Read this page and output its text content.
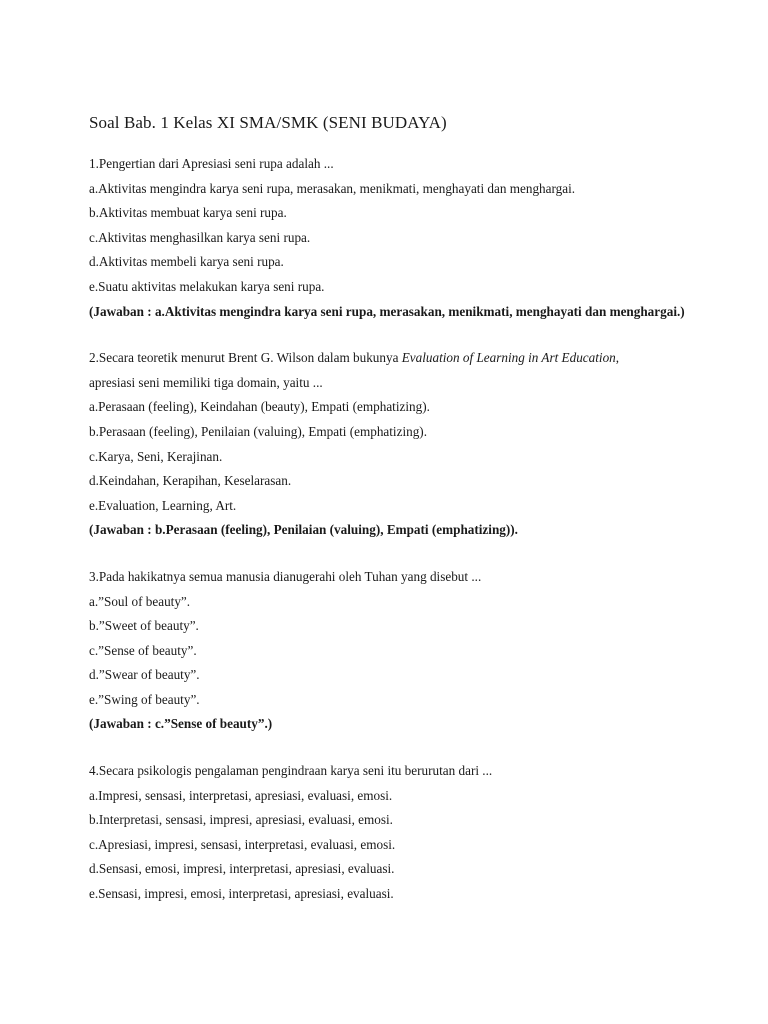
Soal Bab. 1 Kelas XI SMA/SMK (SENI BUDAYA)
1.Pengertian dari Apresiasi seni rupa adalah ...
a.Aktivitas mengindra karya seni rupa, merasakan, menikmati, menghayati dan menghargai.
b.Aktivitas membuat karya seni rupa.
c.Aktivitas menghasilkan karya seni rupa.
d.Aktivitas membeli karya seni rupa.
e.Suatu aktivitas melakukan karya seni rupa.
(Jawaban : a.Aktivitas mengindra karya seni rupa, merasakan, menikmati, menghayati dan menghargai.)
2.Secara teoretik menurut Brent G. Wilson dalam bukunya Evaluation of Learning in Art Education,
apresiasi seni memiliki tiga domain, yaitu ...
a.Perasaan (feeling), Keindahan (beauty), Empati (emphatizing).
b.Perasaan (feeling), Penilaian (valuing), Empati (emphatizing).
c.Karya, Seni, Kerajinan.
d.Keindahan, Kerapihan, Keselarasan.
e.Evaluation, Learning, Art.
(Jawaban : b.Perasaan (feeling), Penilaian (valuing), Empati (emphatizing)).
3.Pada hakikatnya semua manusia dianugerahi oleh Tuhan yang disebut ...
a.”Soul of beauty”.
b.”Sweet of beauty”.
c.”Sense of beauty”.
d.”Swear of beauty”.
e.”Swing of beauty”.
(Jawaban : c.”Sense of beauty”.)
4.Secara psikologis pengalaman pengindraan karya seni itu berurutan dari ...
a.Impresi, sensasi, interpretasi, apresiasi, evaluasi, emosi.
b.Interpretasi, sensasi, impresi, apresiasi, evaluasi, emosi.
c.Apresiasi, impresi, sensasi, interpretasi, evaluasi, emosi.
d.Sensasi, emosi, impresi, interpretasi, apresiasi, evaluasi.
e.Sensasi, impresi, emosi, interpretasi, apresiasi, evaluasi.
